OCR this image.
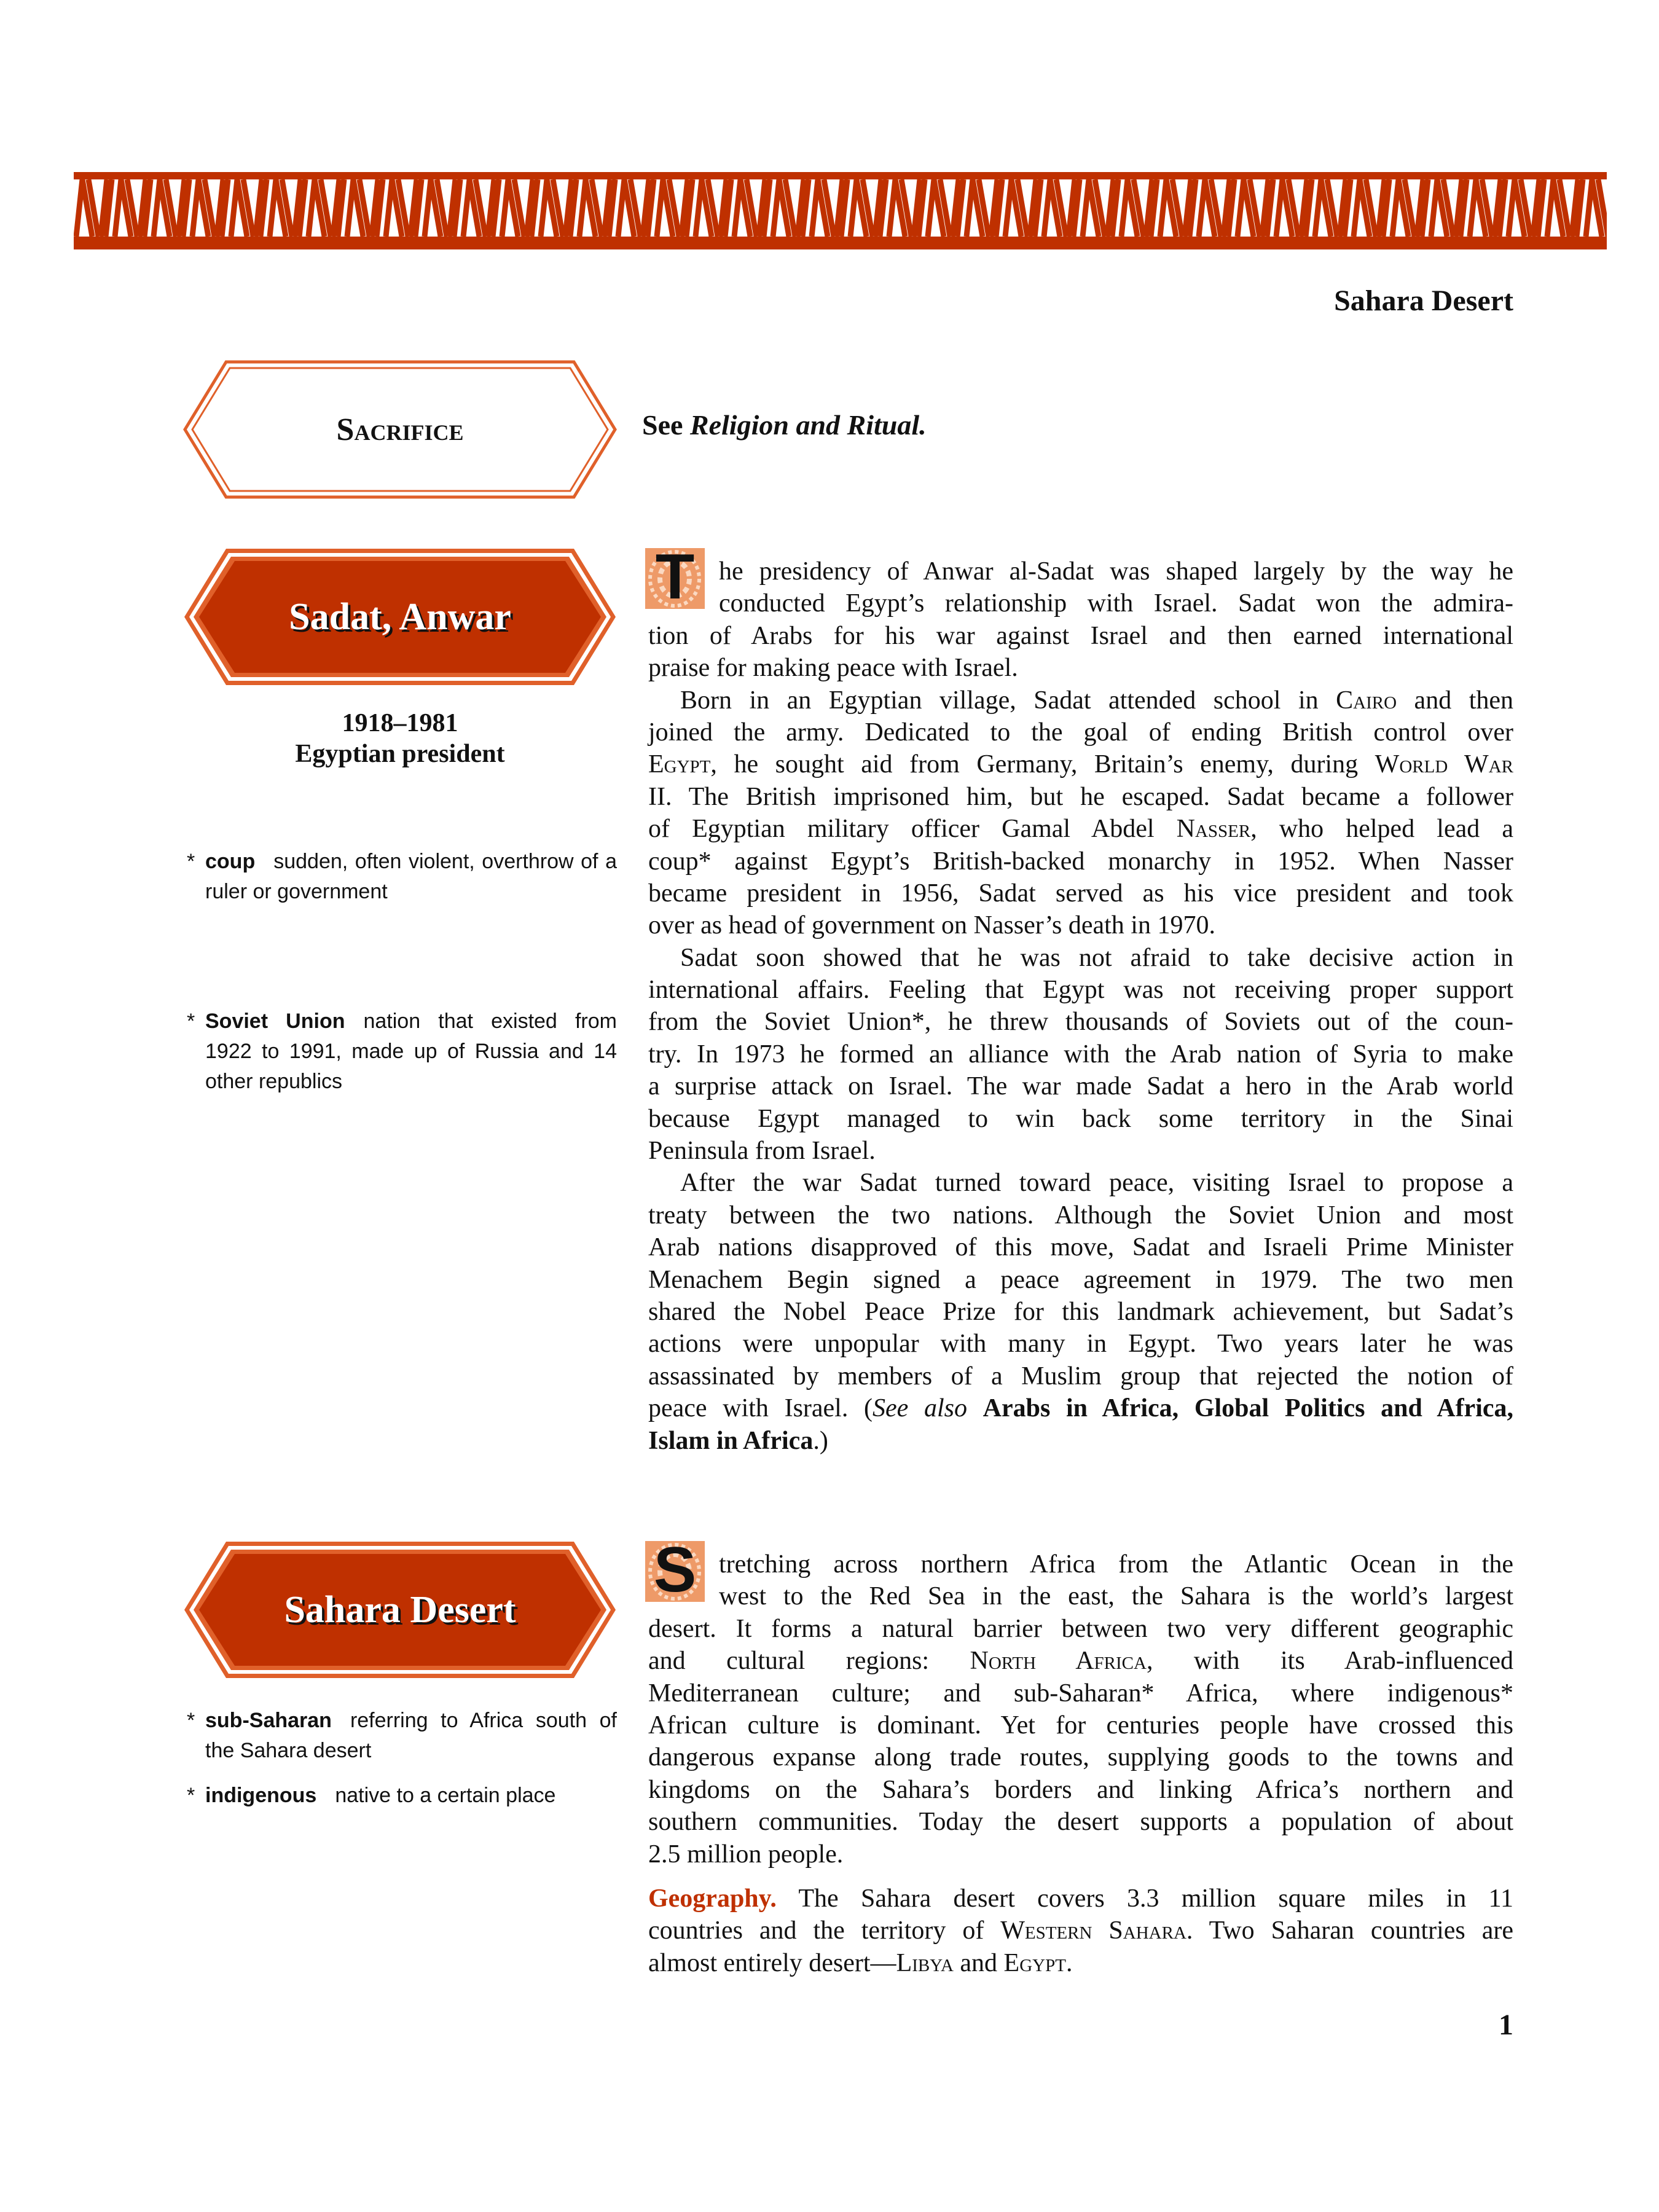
Sahara Desert
Sacrifice	See Religion and Ritual.
Sadat, Anwar
1918–1981
Egyptian president
* coup sudden, often violent, overthrow of a ruler or government
* Soviet Union nation that existed from 1922 to 1991, made up of Russia and 14 other republics
T he presidency of Anwar al-Sadat was shaped largely by the way he
conducted Egypt’s relationship with Israel. Sadat won the admira-
tion of Arabs for his war against Israel and then earned international
praise for making peace with Israel.
Born in an Egyptian village, Sadat attended school in Cairo and then
joined the army. Dedicated to the goal of ending British control over
Egypt, he sought aid from Germany, Britain’s enemy, during World War
II. The British imprisoned him, but he escaped. Sadat became a follower
of Egyptian military officer Gamal Abdel Nasser, who helped lead a
coup* against Egypt’s British-backed monarchy in 1952. When Nasser
became president in 1956, Sadat served as his vice president and took
over as head of government on Nasser’s death in 1970.
Sadat soon showed that he was not afraid to take decisive action in
international affairs. Feeling that Egypt was not receiving proper support
from the Soviet Union*, he threw thousands of Soviets out of the coun-
try. In 1973 he formed an alliance with the Arab nation of Syria to make
a surprise attack on Israel. The war made Sadat a hero in the Arab world
because Egypt managed to win back some territory in the Sinai
Peninsula from Israel.
After the war Sadat turned toward peace, visiting Israel to propose a
treaty between the two nations. Although the Soviet Union and most
Arab nations disapproved of this move, Sadat and Israeli Prime Minister
Menachem Begin signed a peace agreement in 1979. The two men
shared the Nobel Peace Prize for this landmark achievement, but Sadat’s
actions were unpopular with many in Egypt. Two years later he was
assassinated by members of a Muslim group that rejected the notion of
peace with Israel. (See also Arabs in Africa, Global Politics and Africa,
Islam in Africa.)
Sahara Desert
* sub-Saharan referring to Africa south of the Sahara desert
* indigenous native to a certain place
S tretching across northern Africa from the Atlantic Ocean in the
west to the Red Sea in the east, the Sahara is the world’s largest
desert. It forms a natural barrier between two very different geographic
and cultural regions: North Africa, with its Arab-influenced
Mediterranean culture; and sub-Saharan* Africa, where indigenous*
African culture is dominant. Yet for centuries people have crossed this
dangerous expanse along trade routes, supplying goods to the towns and
kingdoms on the Sahara’s borders and linking Africa’s northern and
southern communities. Today the desert supports a population of about
2.5 million people.
Geography. The Sahara desert covers 3.3 million square miles in 11
countries and the territory of Western Sahara. Two Saharan countries are
almost entirely desert—Libya and Egypt.
1
